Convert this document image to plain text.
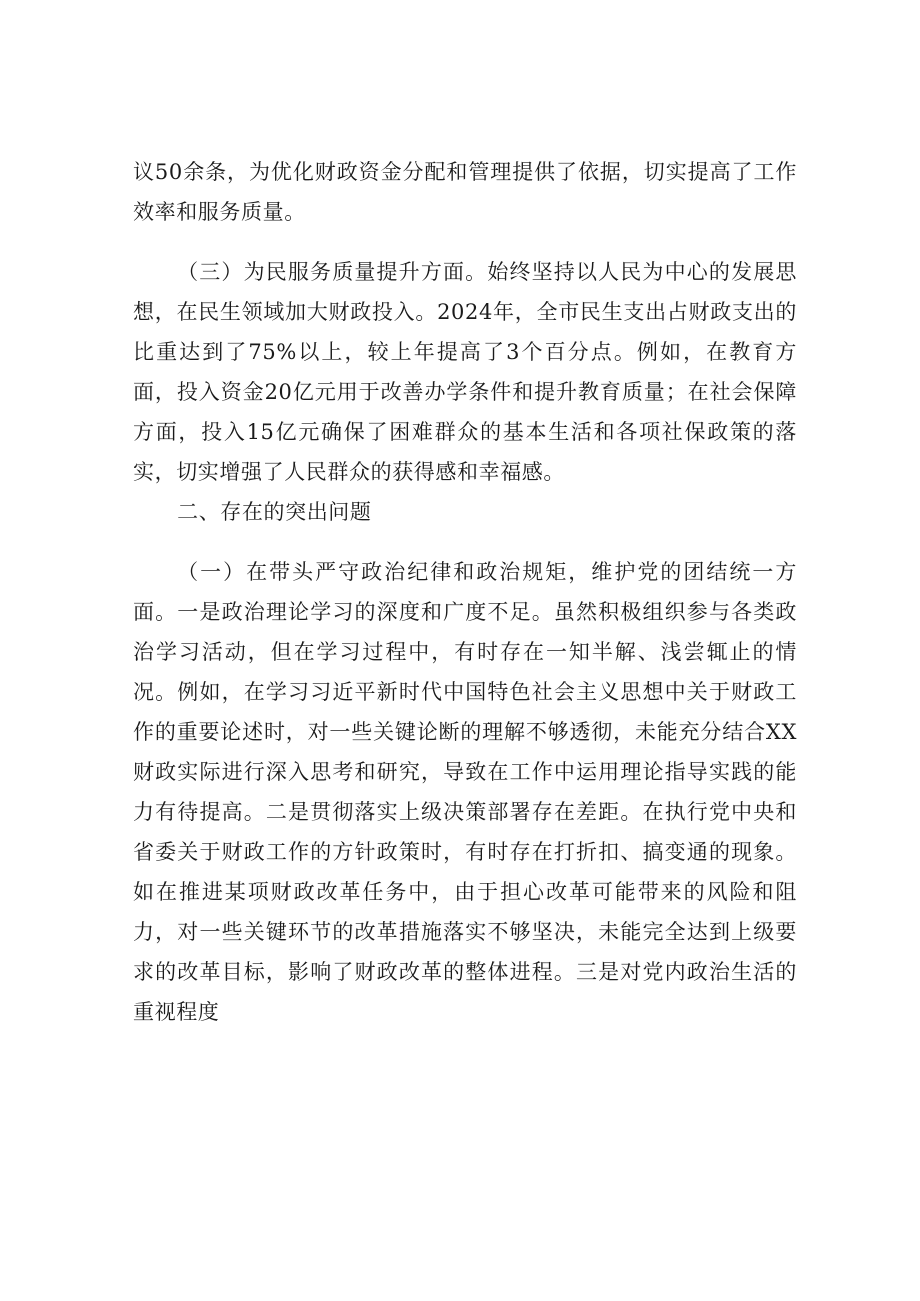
议50余条，为优化财政资金分配和管理提供了依据，切实提高了工作效率和服务质量。

（三）为民服务质量提升方面。始终坚持以人民为中心的发展思想，在民生领域加大财政投入。2024年，全市民生支出占财政支出的比重达到了75%以上，较上年提高了3个百分点。例如，在教育方面，投入资金20亿元用于改善办学条件和提升教育质量；在社会保障方面，投入15亿元确保了困难群众的基本生活和各项社保政策的落实，切实增强了人民群众的获得感和幸福感。

二、存在的突出问题

（一）在带头严守政治纪律和政治规矩，维护党的团结统一方面。一是政治理论学习的深度和广度不足。虽然积极组织参与各类政治学习活动，但在学习过程中，有时存在一知半解、浅尝辄止的情况。例如，在学习习近平新时代中国特色社会主义思想中关于财政工作的重要论述时，对一些关键论断的理解不够透彻，未能充分结合XX财政实际进行深入思考和研究，导致在工作中运用理论指导实践的能力有待提高。二是贯彻落实上级决策部署存在差距。在执行党中央和省委关于财政工作的方针政策时，有时存在打折扣、搞变通的现象。如在推进某项财政改革任务中，由于担心改革可能带来的风险和阻力，对一些关键环节的改革措施落实不够坚决，未能完全达到上级要求的改革目标，影响了财政改革的整体进程。三是对党内政治生活的重视程度
